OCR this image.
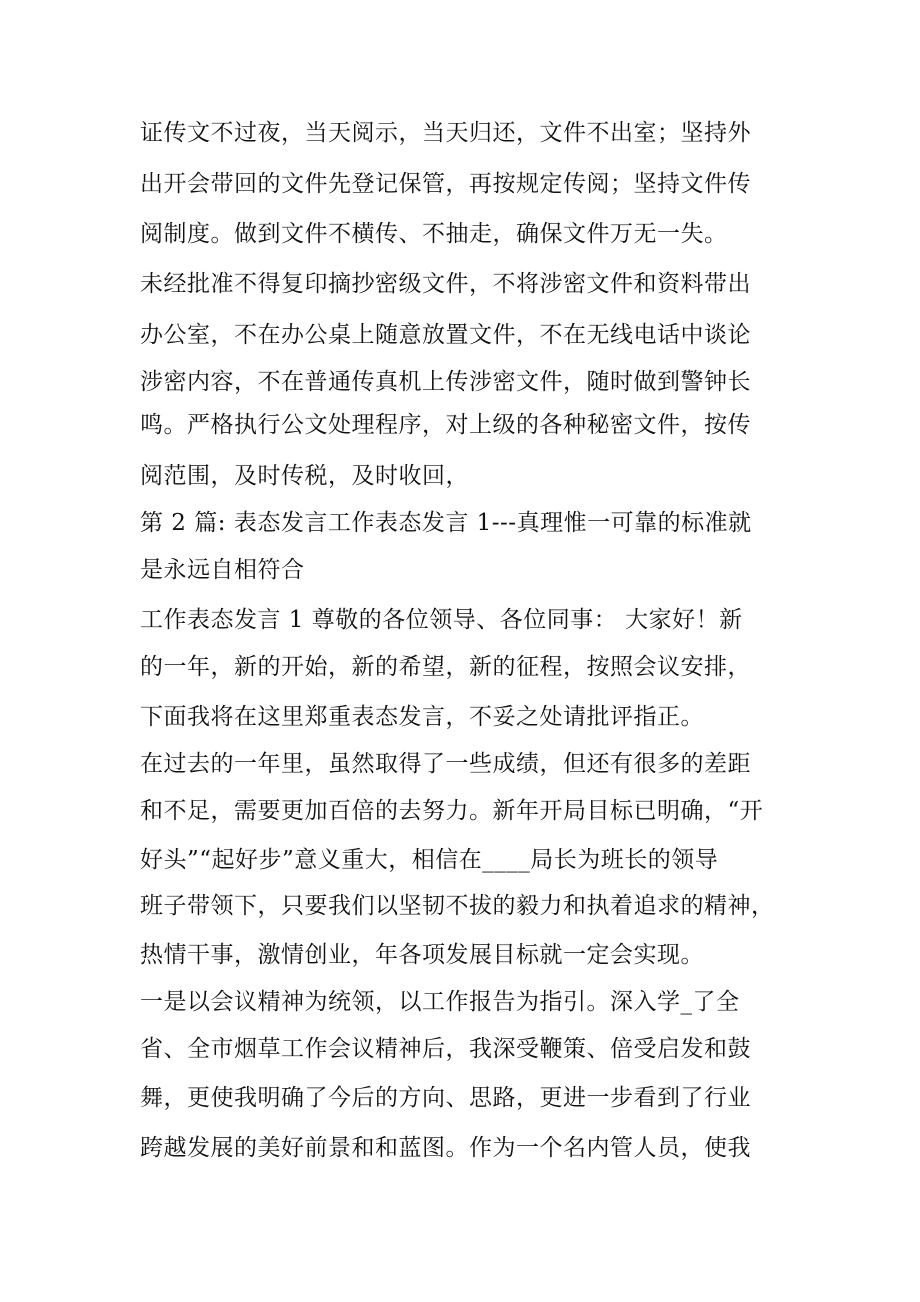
证传文不过夜，当天阅示，当天归还，文件不出室；坚持外

出开会带回的文件先登记保管，再按规定传阅；坚持文件传

阅制度。做到文件不横传、不抽走，确保文件万无一失。

未经批准不得复印摘抄密级文件，不将涉密文件和资料带出

办公室，不在办公桌上随意放置文件，不在无线电话中谈论

涉密内容，不在普通传真机上传涉密文件，随时做到警钟长

鸣。严格执行公文处理程序，对上级的各种秘密文件，按传

阅范围，及时传税，及时收回，

第 2 篇: 表态发言工作表态发言 1---真理惟一可靠的标准就

是永远自相符合

工作表态发言 1 尊敬的各位领导、各位同事： 大家好！新

的一年，新的开始，新的希望，新的征程，按照会议安排，

下面我将在这里郑重表态发言，不妥之处请批评指正。

在过去的一年里，虽然取得了一些成绩，但还有很多的差距

和不足，需要更加百倍的去努力。新年开局目标已明确，“开

好头”“起好步”意义重大，相信在____局长为班长的领导

班子带领下，只要我们以坚韧不拔的毅力和执着追求的精神，

热情干事，激情创业，年各项发展目标就一定会实现。

一是以会议精神为统领，以工作报告为指引。深入学_了全

省、全市烟草工作会议精神后，我深受鞭策、倍受启发和鼓

舞，更使我明确了今后的方向、思路，更进一步看到了行业

跨越发展的美好前景和和蓝图。作为一个名内管人员，使我
